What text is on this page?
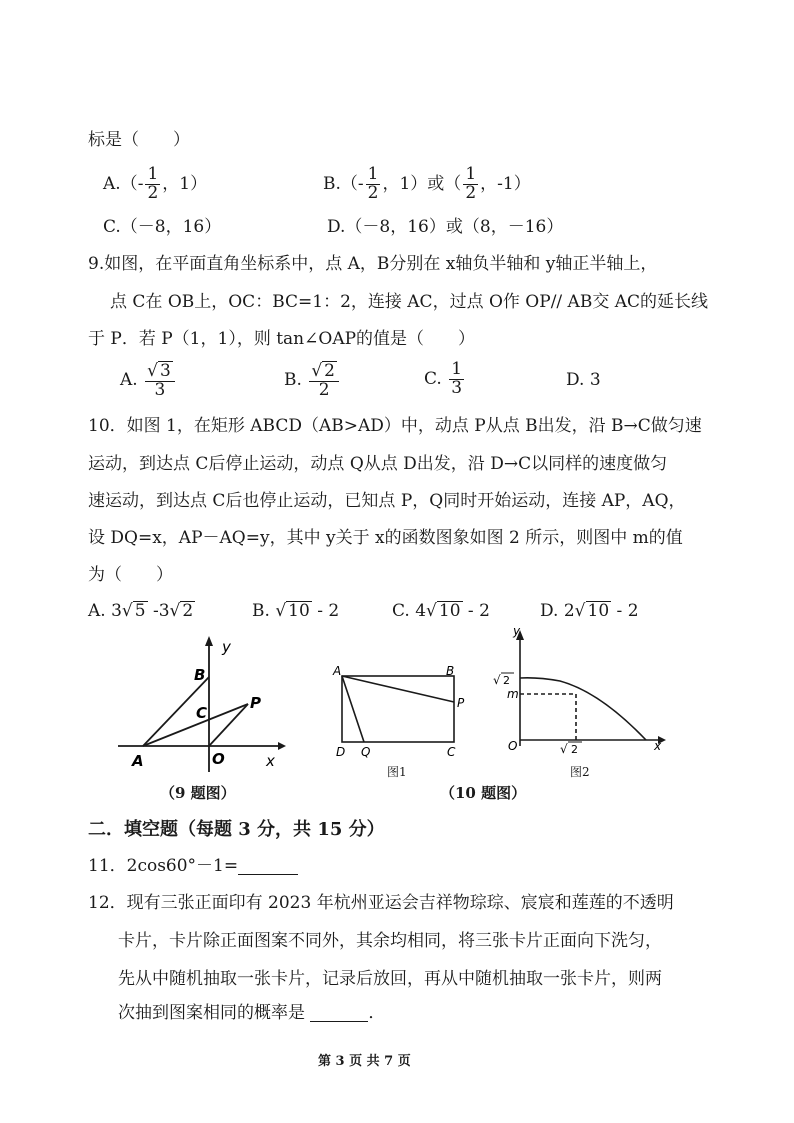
标是（　　）
$A.(- \frac{1}{2}$ ，1）	$B.(- \frac{1}{2}$ ，1）或（ $\frac{1}{2}$ ，-1）
C.（－8，16）	D.（－8，16）或（8，－16）
9.如图，在平面直角坐标系中，点 A，B分别在 x轴负半轴和 y轴正半轴上，
点 C在 OB上，OC：BC=1：2，连接 AC，过点 O作 OP// AB交 AC的延长线
于 P．若 P（1，1），则 tan∠OAP的值是（　　）
A. $\frac{√ 3}{3}$	B. $\frac{√ 2}{2}$	C. $\frac{1}{3}$	D. 3
10．如图 1，在矩形 ABCD（AB>AD）中，动点 P从点 B出发，沿 B→C做匀速
运动，到达点 C后停止运动，动点 Q从点 D出发，沿 D→C以同样的速度做匀
速运动，到达点 C后也停止运动，已知点 P，Q同时开始运动，连接 AP，AQ，
设 DQ=x，AP－AQ=y，其中 y关于 x的函数图象如图 2 所示，则图中 m的值
为（　　）
A. 3√ 5 -3√ 2	B. √ 10 - 2	C. 4√ 10 - 2	D. 2√ 10 - 2
y
x
B
C
P
A	O
（9 题图）
A	B
P
D Q	C
图1
y
x
O
m
√ 2
√ 2
图2
（10 题图）
二．填空题（每题 3 分，共 15 分）
11．2cos60°－1=
12．现有三张正面印有 2023 年杭州亚运会吉祥物琮琮、宸宸和莲莲的不透明
卡片，卡片除正面图案不同外，其余均相同，将三张卡片正面向下洗匀，
先从中随机抽取一张卡片，记录后放回，再从中随机抽取一张卡片，则两
次抽到图案相同的概率是	．
第 3 页 共 7 页
